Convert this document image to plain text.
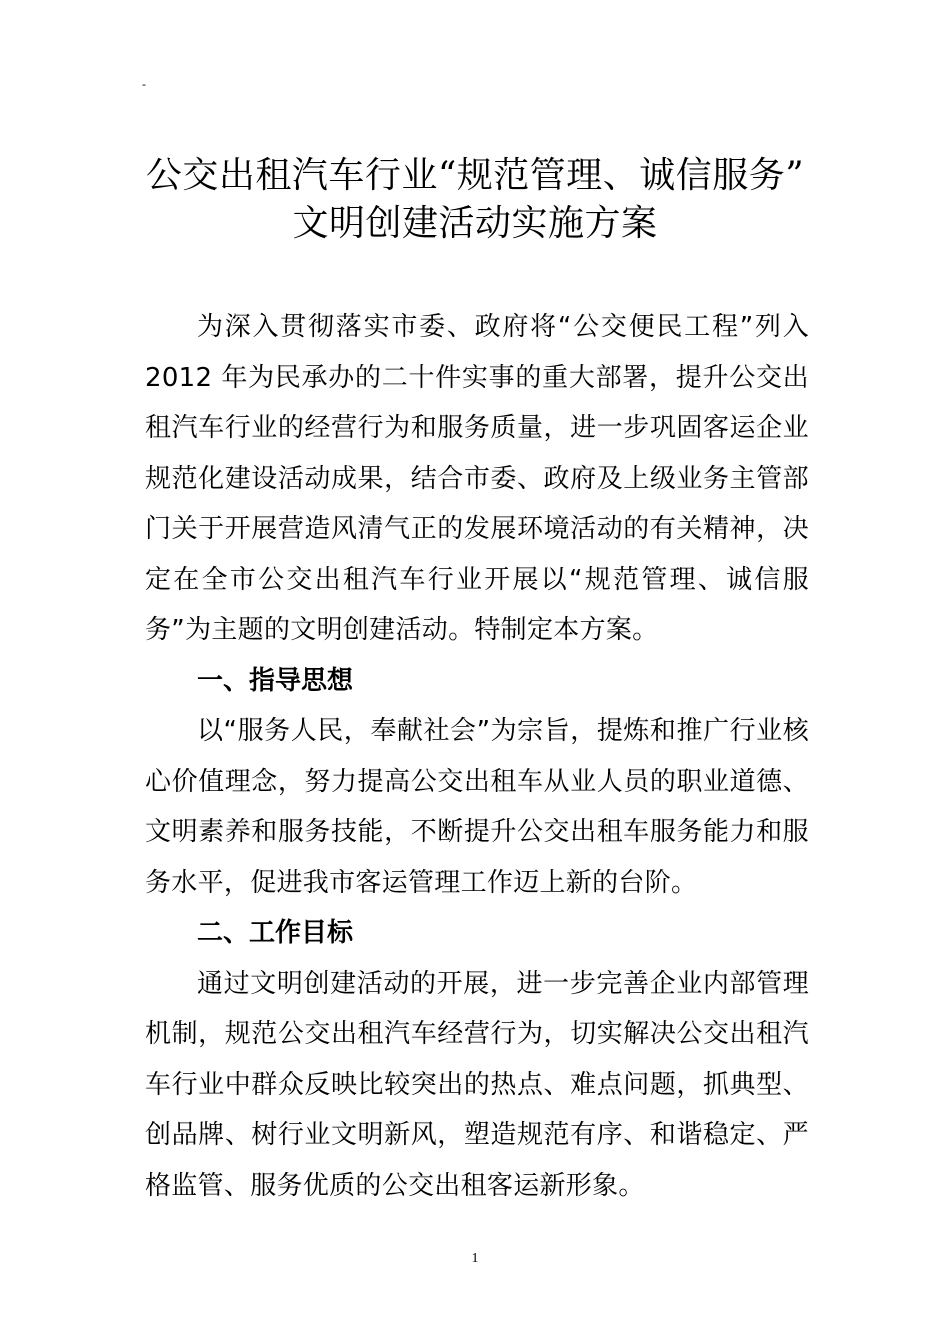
-
公交出租汽车行业“规范管理、诚信服务”
文明创建活动实施方案

为深入贯彻落实市委、政府将“公交便民工程”列入2012 年为民承办的二十件实事的重大部署，提升公交出租汽车行业的经营行为和服务质量，进一步巩固客运企业规范化建设活动成果，结合市委、政府及上级业务主管部门关于开展营造风清气正的发展环境活动的有关精神，决定在全市公交出租汽车行业开展以“规范管理、诚信服务”为主题的文明创建活动。特制定本方案。

一、指导思想

以“服务人民，奉献社会”为宗旨，提炼和推广行业核心价值理念，努力提高公交出租车从业人员的职业道德、文明素养和服务技能，不断提升公交出租车服务能力和服务水平，促进我市客运管理工作迈上新的台阶。

二、工作目标

通过文明创建活动的开展，进一步完善企业内部管理机制，规范公交出租汽车经营行为，切实解决公交出租汽车行业中群众反映比较突出的热点、难点问题，抓典型、创品牌、树行业文明新风，塑造规范有序、和谐稳定、严格监管、服务优质的公交出租客运新形象。

1
